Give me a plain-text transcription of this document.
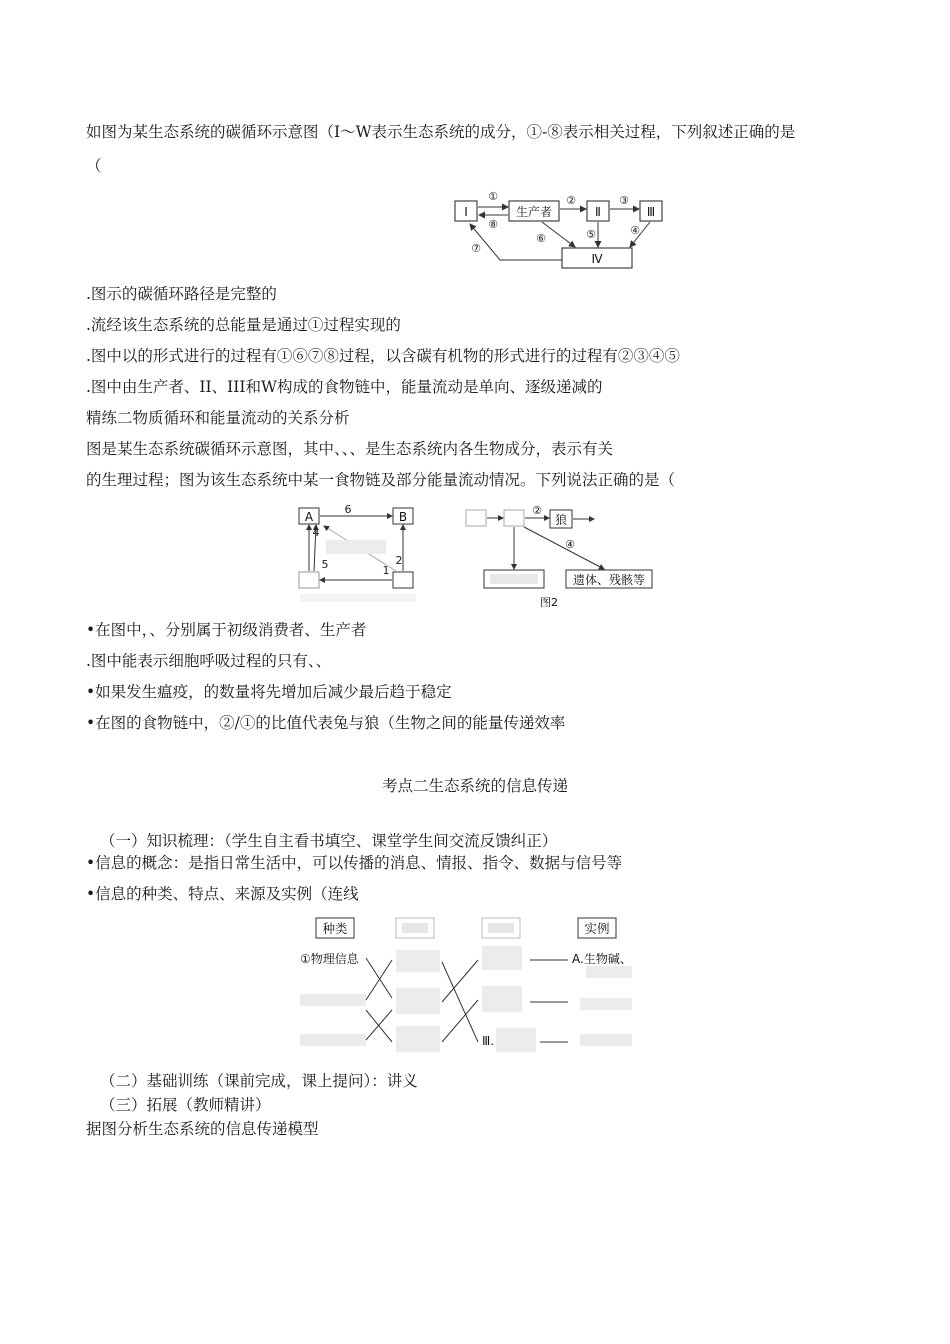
如图为某生态系统的碳循环示意图（I～W表示生态系统的成分，①-⑧表示相关过程，下列叙述正确的是
（
Ⅰ	生产者	Ⅱ	Ⅲ
Ⅳ
①
⑧
②	③
⑤	④
⑥
⑦
.图示的碳循环路径是完整的
.流经该生态系统的总能量是通过①过程实现的
.图中以的形式进行的过程有①⑥⑦⑧过程，以含碳有机物的形式进行的过程有②③④⑤
.图中由生产者、II、III和W构成的食物链中，能量流动是单向、逐级递减的
精练二物质循环和能量流动的关系分析
图是某生态系统碳循环示意图，其中、、、是生态系统内各生物成分，表示有关
的生理过程；图为该生态系统中某一食物链及部分能量流动情况。下列说法正确的是（
A	B
6
4
5	2
1
狼
遗体、残骸等
②
④
图2
•在图中，、分别属于初级消费者、生产者
.图中能表示细胞呼吸过程的只有、、
•如果发生瘟疫，的数量将先增加后减少最后趋于稳定
•在图的食物链中，②/①的比值代表兔与狼（生物之间的能量传递效率
考点二生态系统的信息传递
（一）知识梳理：（学生自主看书填空、课堂学生间交流反馈纠正）
•信息的概念：是指日常生活中，可以传播的消息、情报、指令、数据与信号等
•信息的种类、特点、来源及实例（连线
种类	实例
①物理信息	A.生物碱、
Ⅲ.
（二）基础训练（课前完成，课上提问）：讲义
（三）拓展（教师精讲）
据图分析生态系统的信息传递模型
